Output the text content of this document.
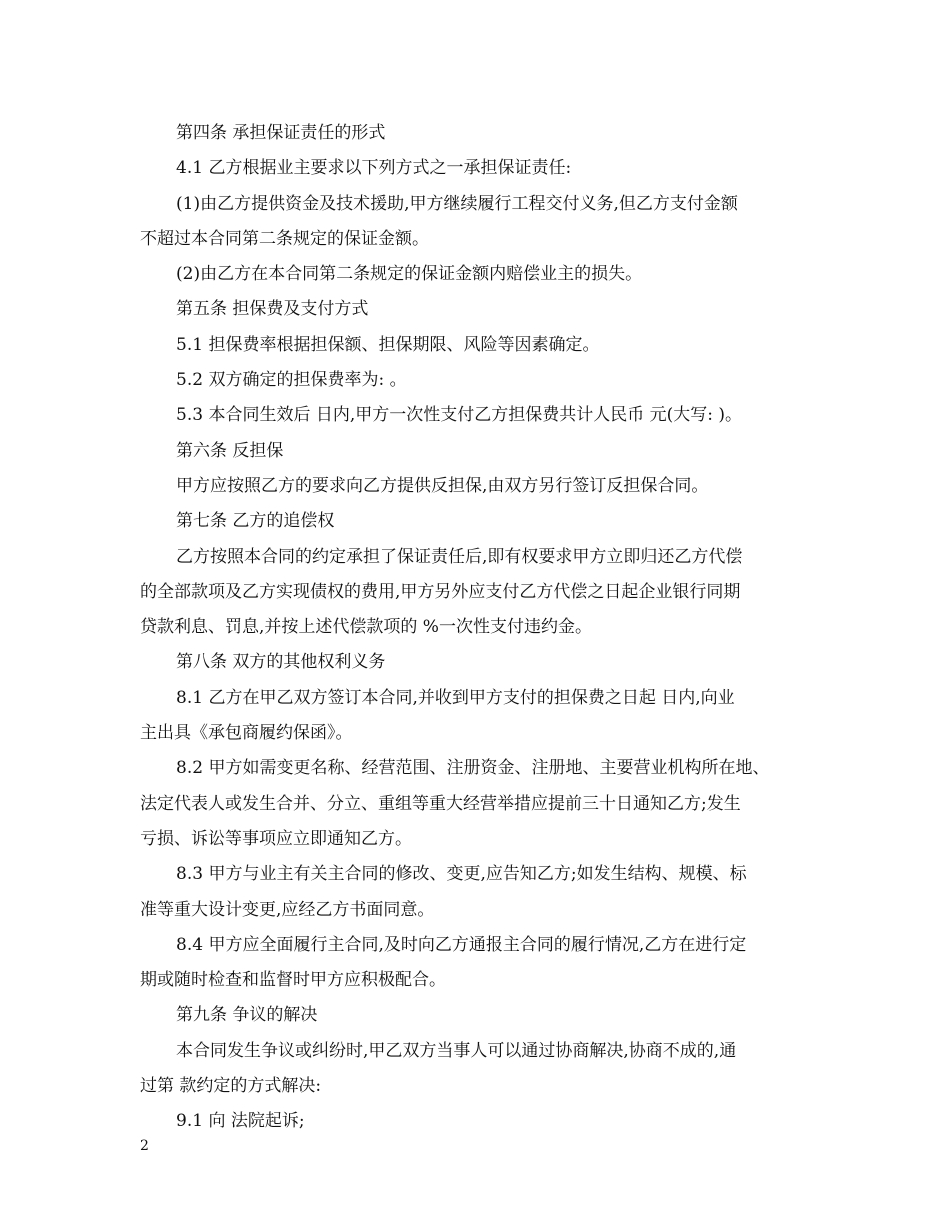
第四条 承担保证责任的形式
4.1 乙方根据业主要求以下列方式之一承担保证责任:
(1)由乙方提供资金及技术援助,甲方继续履行工程交付义务,但乙方支付金额
不超过本合同第二条规定的保证金额。
(2)由乙方在本合同第二条规定的保证金额内赔偿业主的损失。
第五条 担保费及支付方式
5.1 担保费率根据担保额、担保期限、风险等因素确定。
5.2 双方确定的担保费率为: 。
5.3 本合同生效后 日内,甲方一次性支付乙方担保费共计人民币 元(大写: )。
第六条 反担保
甲方应按照乙方的要求向乙方提供反担保,由双方另行签订反担保合同。
第七条 乙方的追偿权
乙方按照本合同的约定承担了保证责任后,即有权要求甲方立即归还乙方代偿
的全部款项及乙方实现债权的费用,甲方另外应支付乙方代偿之日起企业银行同期
贷款利息、罚息,并按上述代偿款项的 %一次性支付违约金。
第八条 双方的其他权利义务
8.1 乙方在甲乙双方签订本合同,并收到甲方支付的担保费之日起 日内,向业
主出具《承包商履约保函》。
8.2 甲方如需变更名称、经营范围、注册资金、注册地、主要营业机构所在地、
法定代表人或发生合并、分立、重组等重大经营举措应提前三十日通知乙方;发生
亏损、诉讼等事项应立即通知乙方。
8.3 甲方与业主有关主合同的修改、变更,应告知乙方;如发生结构、规模、标
准等重大设计变更,应经乙方书面同意。
8.4 甲方应全面履行主合同,及时向乙方通报主合同的履行情况,乙方在进行定
期或随时检查和监督时甲方应积极配合。
第九条 争议的解决
本合同发生争议或纠纷时,甲乙双方当事人可以通过协商解决,协商不成的,通
过第 款约定的方式解决:
9.1 向 法院起诉;
2
